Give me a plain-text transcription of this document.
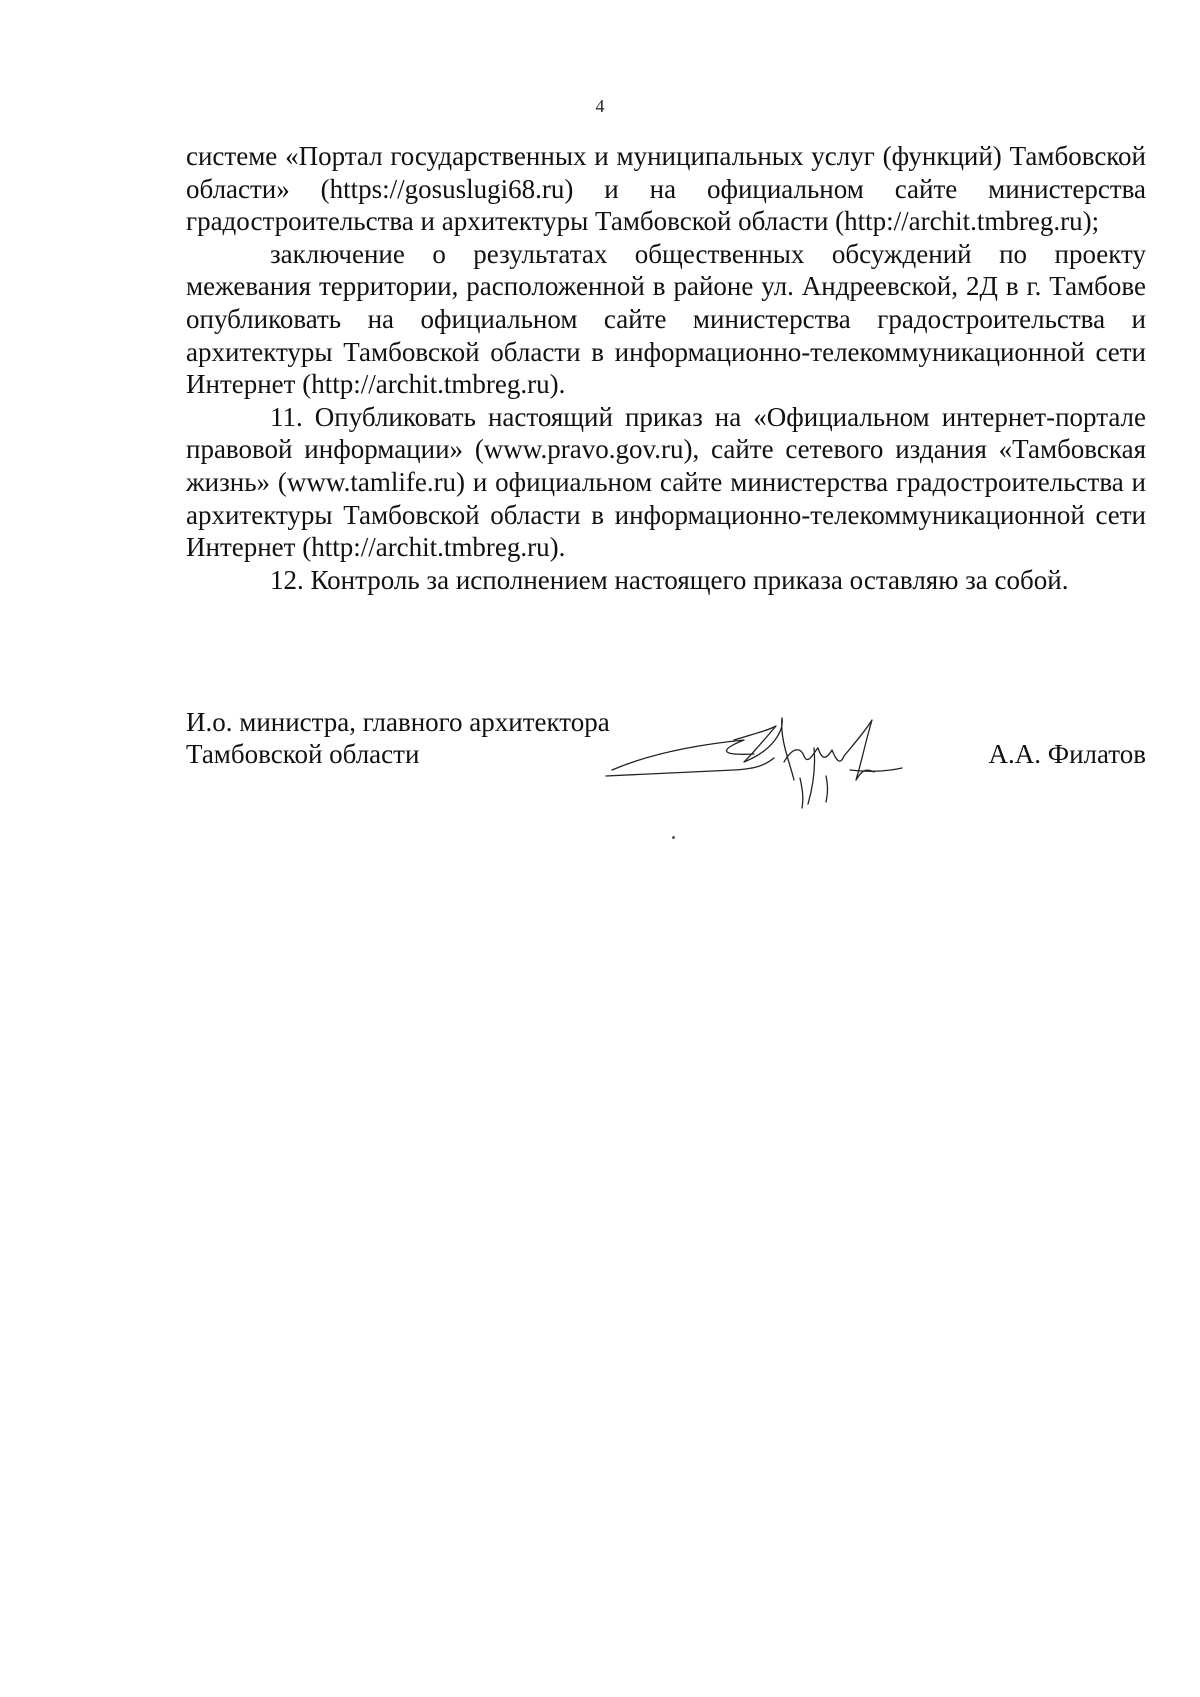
4

системе «Портал государственных и муниципальных услуг (функций) Тамбовской области» (https://gosuslugi68.ru) и на официальном сайте министерства градостроительства и архитектуры Тамбовской области (http://archit.tmbreg.ru);

заключение о результатах общественных обсуждений по проекту межевания территории, расположенной в районе ул. Андреевской, 2Д в г. Тамбове опубликовать на официальном сайте министерства градостроительства и архитектуры Тамбовской области в информационно-телекоммуникационной сети Интернет (http://archit.tmbreg.ru).

11. Опубликовать настоящий приказ на «Официальном интернет-портале правовой информации» (www.pravo.gov.ru), сайте сетевого издания «Тамбовская жизнь» (www.tamlife.ru) и официальном сайте министерства градостроительства и архитектуры Тамбовской области в информационно-телекоммуникационной сети Интернет (http://archit.tmbreg.ru).

12. Контроль за исполнением настоящего приказа оставляю за собой.

И.о. министра, главного архитектора
Тамбовской области	А.А. Филатов
